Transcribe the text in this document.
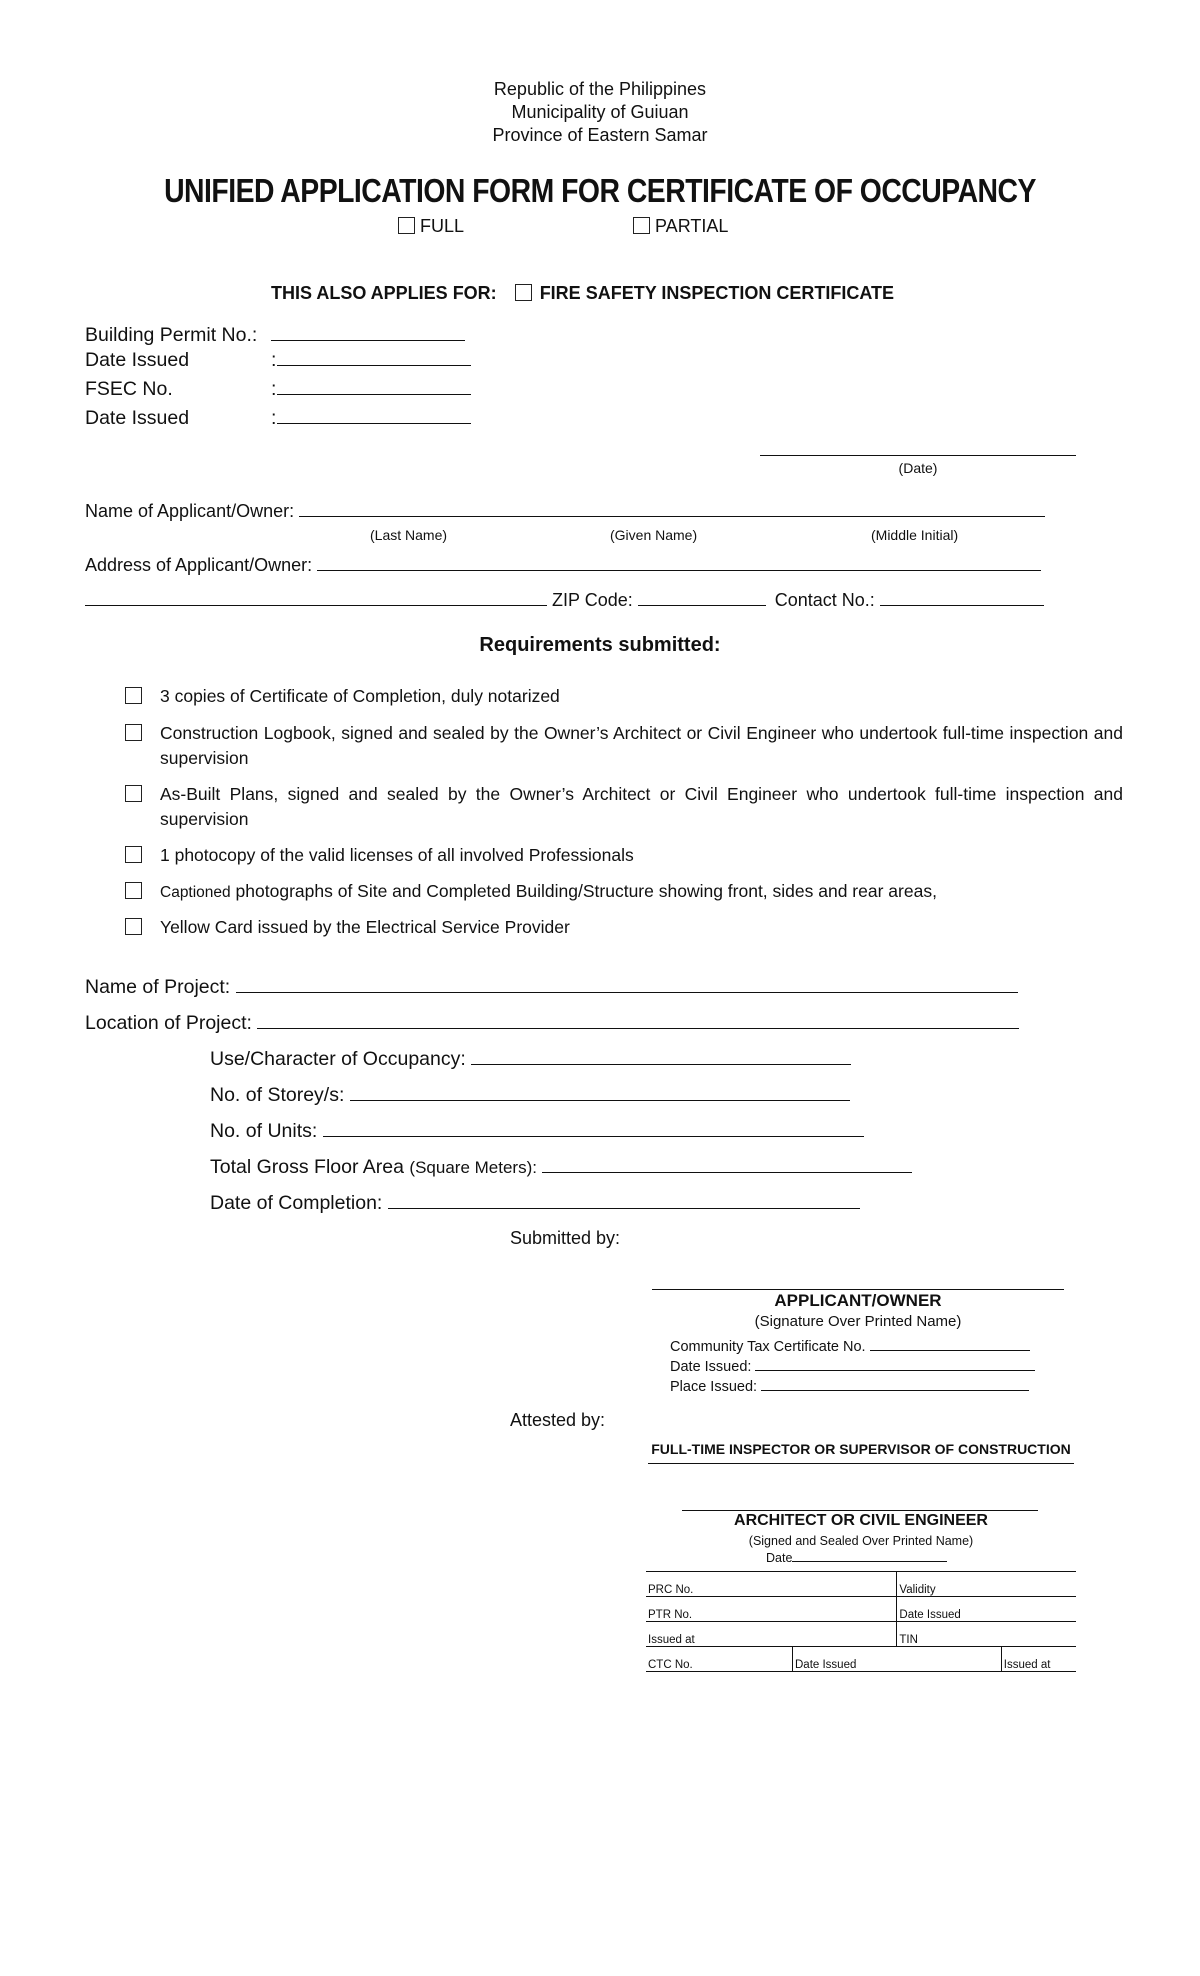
Republic of the Philippines
Municipality of Guiuan
Province of Eastern Samar
UNIFIED APPLICATION FORM FOR CERTIFICATE OF OCCUPANCY
FULL	PARTIAL
THIS ALSO APPLIES FOR: FIRE SAFETY INSPECTION CERTIFICATE
Building Permit No.:
Date Issued	:
FSEC No.	:
Date Issued	:
(Date)
Name of Applicant/Owner:
(Last Name)	(Given Name)	(Middle Initial)
Address of Applicant/Owner:
ZIP Code:	Contact No.:
Requirements submitted:
3 copies of Certificate of Completion, duly notarized
Construction Logbook, signed and sealed by the Owner’s Architect or Civil Engineer who undertook full-time inspection and supervision
As-Built Plans, signed and sealed by the Owner’s Architect or Civil Engineer who undertook full-time inspection and supervision
1 photocopy of the valid licenses of all involved Professionals
Captioned photographs of Site and Completed Building/Structure showing front, sides and rear areas,
Yellow Card issued by the Electrical Service Provider
Name of Project:
Location of Project:
Use/Character of Occupancy:
No. of Storey/s:
No. of Units:
Total Gross Floor Area (Square Meters):
Date of Completion:
Submitted by:
APPLICANT/OWNER
(Signature Over Printed Name)
Community Tax Certificate No.
Date Issued:
Place Issued:
Attested by:
FULL-TIME INSPECTOR OR SUPERVISOR OF CONSTRUCTION
ARCHITECT OR CIVIL ENGINEER
(Signed and Sealed Over Printed Name)
Date
PRC No.		Validity	
PTR No.		Date Issued	
Issued at		TIN	
CTC No.	Date Issued		Issued at
